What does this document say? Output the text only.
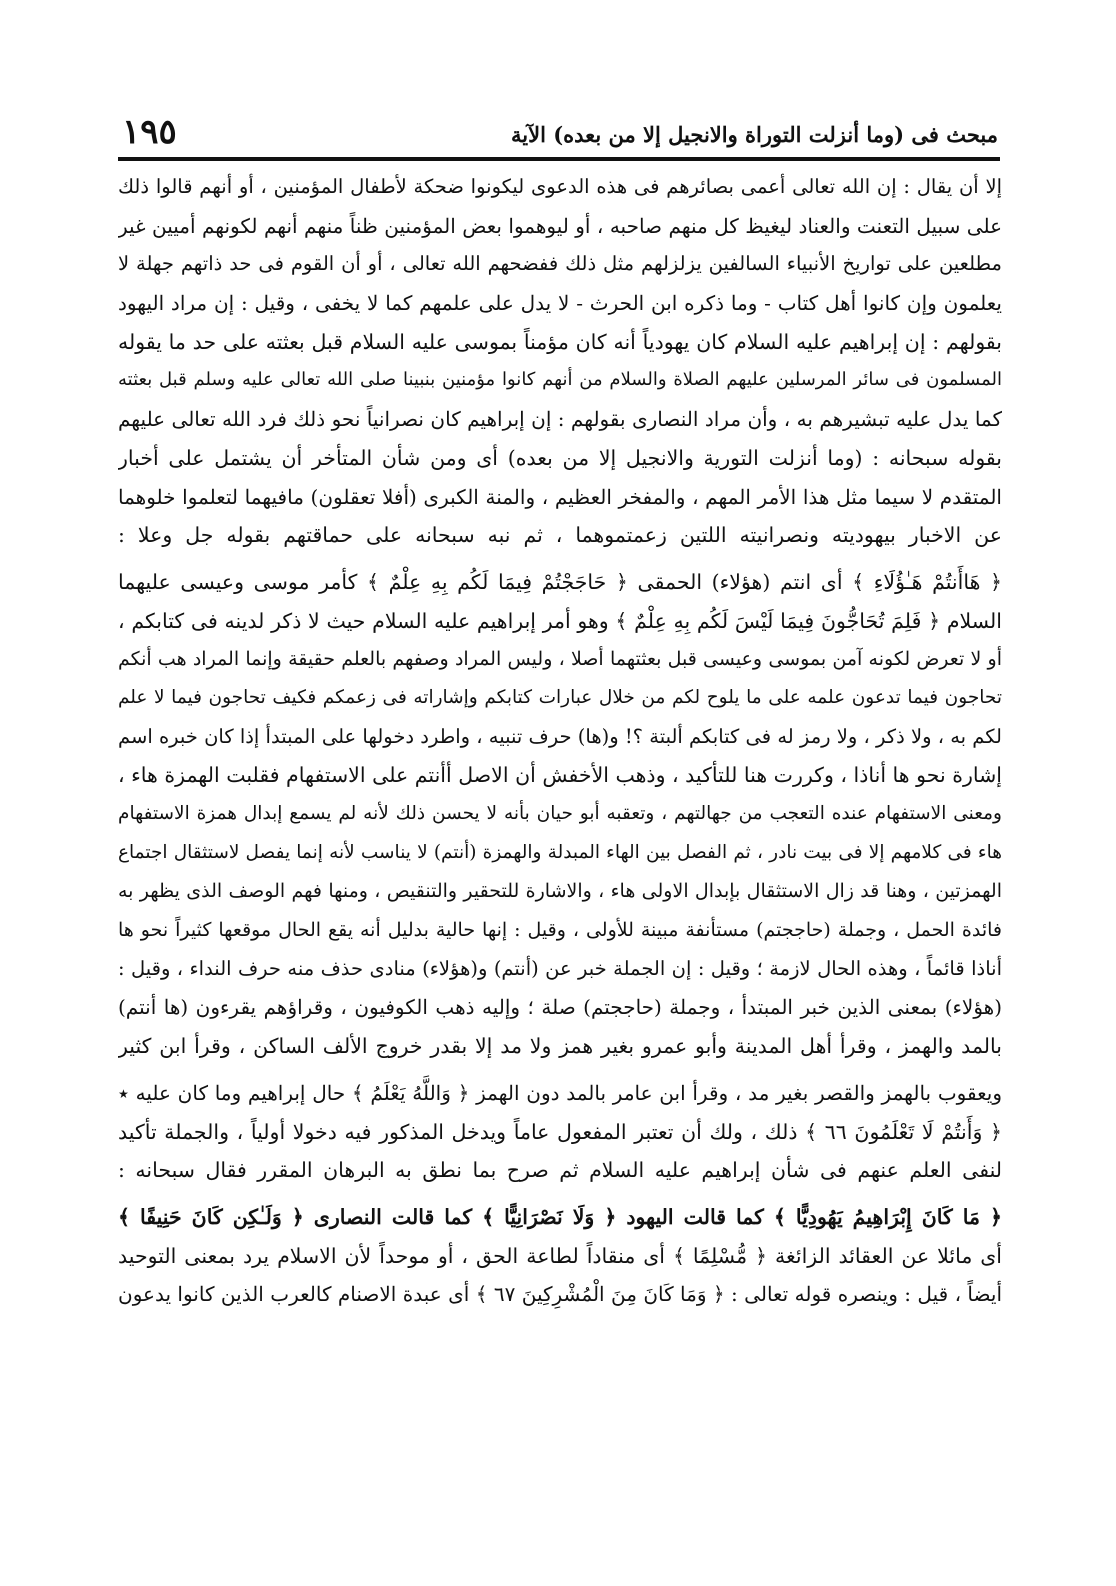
١٩٥	مبحث فى (وما أنزلت التوراة والانجيل إلا من بعده) الآية
إلا أن يقال : إن الله تعالى أعمى بصائرهم فى هذه الدعوى ليكونوا ضحكة لأطفال المؤمنين ، أو أنهم قالوا ذلك
على سبيل التعنت والعناد ليغيظ كل منهم صاحبه ، أو ليوهموا بعض المؤمنين ظناً منهم أنهم لكونهم أميين غير
مطلعين على تواريخ الأنبياء السالفين يزلزلهم مثل ذلك ففضحهم الله تعالى ، أو أن القوم فى حد ذاتهم جهلة لا
يعلمون وإن كانوا أهل كتاب - وما ذكره ابن الحرث - لا يدل على علمهم كما لا يخفى ، وقيل : إن مراد اليهود
بقولهم : إن إبراهيم عليه السلام كان يهودياً أنه كان مؤمناً بموسى عليه السلام قبل بعثته على حد ما يقوله
المسلمون فى سائر المرسلين عليهم الصلاة والسلام من أنهم كانوا مؤمنين بنبينا صلى الله تعالى عليه وسلم قبل بعثته
كما يدل عليه تبشيرهم به ، وأن مراد النصارى بقولهم : إن إبراهيم كان نصرانياً نحو ذلك فرد الله تعالى عليهم
بقوله سبحانه : (وما أنزلت التورية والانجيل إلا من بعده) أى ومن شأن المتأخر أن يشتمل على أخبار
المتقدم لا سيما مثل هذا الأمر المهم ، والمفخر العظيم ، والمنة الكبرى (أفلا تعقلون) مافيهما لتعلموا خلوهما
عن الاخبار بيهوديته ونصرانيته اللتين زعمتموهما ، ثم نبه سبحانه على حماقتهم بقوله جل وعلا :
﴿ هَاأَنتُمْ هَـٰؤُلَاءِ ﴾ أى انتم (هؤلاء) الحمقى ﴿ حَاجَجْتُمْ فِيمَا لَكُم بِهِ عِلْمٌ ﴾ كأمر موسى وعيسى عليهما
السلام ﴿ فَلِمَ تُحَاجُّونَ فِيمَا لَيْسَ لَكُم بِهِ عِلْمٌ ﴾ وهو أمر إبراهيم عليه السلام حيث لا ذكر لدينه فى كتابكم ،
أو لا تعرض لكونه آمن بموسى وعيسى قبل بعثتهما أصلا ، وليس المراد وصفهم بالعلم حقيقة وإنما المراد هب أنكم
تحاجون فيما تدعون علمه على ما يلوح لكم من خلال عبارات كتابكم وإشاراته فى زعمكم فكيف تحاجون فيما لا علم
لكم به ، ولا ذكر ، ولا رمز له فى كتابكم ألبتة ؟! و(ها) حرف تنبيه ، واطرد دخولها على المبتدأ إذا كان خبره اسم
إشارة نحو ها أناذا ، وكررت هنا للتأكيد ، وذهب الأخفش أن الاصل أأنتم على الاستفهام فقلبت الهمزة هاء ،
ومعنى الاستفهام عنده التعجب من جهالتهم ، وتعقبه أبو حيان بأنه لا يحسن ذلك لأنه لم يسمع إبدال همزة الاستفهام
هاء فى كلامهم إلا فى بيت نادر ، ثم الفصل بين الهاء المبدلة والهمزة (أنتم) لا يناسب لأنه إنما يفصل لاستثقال اجتماع
الهمزتين ، وهنا قد زال الاستثقال بإبدال الاولى هاء ، والاشارة للتحقير والتنقيص ، ومنها فهم الوصف الذى يظهر به
فائدة الحمل ، وجملة (حاججتم) مستأنفة مبينة للأولى ، وقيل : إنها حالية بدليل أنه يقع الحال موقعها كثيراً نحو ها
أناذا قائماً ، وهذه الحال لازمة ؛ وقيل : إن الجملة خبر عن (أنتم) و(هؤلاء) منادى حذف منه حرف النداء ، وقيل :
(هؤلاء) بمعنى الذين خبر المبتدأ ، وجملة (حاججتم) صلة ؛ وإليه ذهب الكوفيون ، وقراؤهم يقرءون (ها أنتم)
بالمد والهمز ، وقرأ أهل المدينة وأبو عمرو بغير همز ولا مد إلا بقدر خروج الألف الساكن ، وقرأ ابن كثير
ويعقوب بالهمز والقصر بغير مد ، وقرأ ابن عامر بالمد دون الهمز ﴿ وَاللَّهُ يَعْلَمُ ﴾ حال إبراهيم وما كان عليه ٭
﴿ وَأَنتُمْ لَا تَعْلَمُونَ ٦٦ ﴾ ذلك ، ولك أن تعتبر المفعول عاماً ويدخل المذكور فيه دخولا أولياً ، والجملة تأكيد
لنفى العلم عنهم فى شأن إبراهيم عليه السلام ثم صرح بما نطق به البرهان المقرر فقال سبحانه :
﴿ مَا كَانَ إِبْرَاهِيمُ يَهُودِيًّا ﴾ كما قالت اليهود ﴿ وَلَا نَصْرَانِيًّا ﴾ كما قالت النصارى ﴿ وَلَـٰكِن كَانَ حَنِيفًا ﴾
أى مائلا عن العقائد الزائغة ﴿ مُّسْلِمًا ﴾ أى منقاداً لطاعة الحق ، أو موحداً لأن الاسلام يرد بمعنى التوحيد
أيضاً ، قيل : وينصره قوله تعالى : ﴿ وَمَا كَانَ مِنَ الْمُشْرِكِينَ ٦٧ ﴾ أى عبدة الاصنام كالعرب الذين كانوا يدعون
